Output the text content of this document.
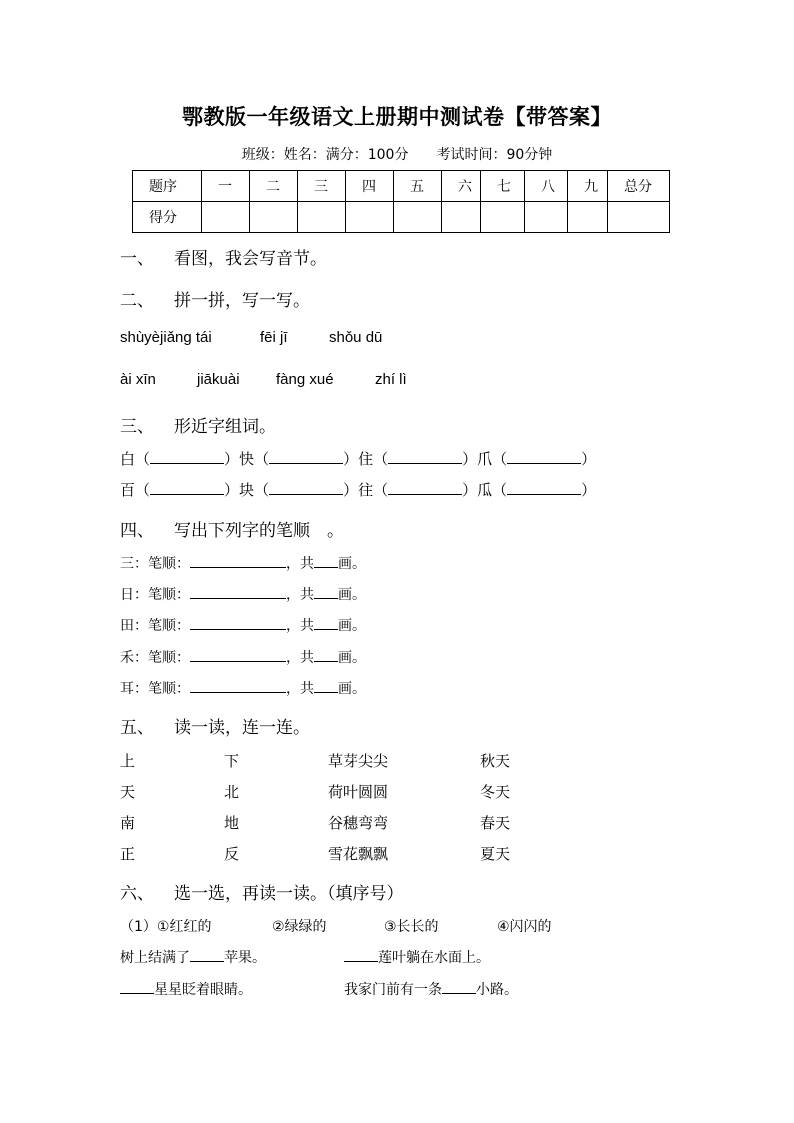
鄂教版一年级语文上册期中测试卷【带答案】
班级：姓名：满分：100分　　考试时间：90分钟
题序	一	二	三	四	五	六	七	八	九	总分
得分										
一、 看图，我会写音节。
二、 拼一拼，写一写。
shùyèjiǎng tái	fēi jī	shǒu dū
ài xīn	jiākuài fàng xué	zhí lì
三、 形近字组词。
白（	）快（	）住（	）爪（	）
百（	）块（	）往（	）瓜（	）
四、 写出下列字的笔顺　。
三：笔顺：	，共 画。
日：笔顺：	，共 画。
田：笔顺：	，共 画。
禾：笔顺：	，共 画。
耳：笔顺：	，共 画。
五、 读一读，连一连。
上	下	草芽尖尖	秋天
天	北	荷叶圆圆	冬天
南	地	谷穗弯弯	春天
正	反	雪花飘飘	夏天
六、 选一选，再读一读。（填序号）
（1）①红红的	②绿绿的	③长长的	④闪闪的
树上结满了 苹果。	莲叶躺在水面上。
星星眨着眼睛。	我家门前有一条 小路。
